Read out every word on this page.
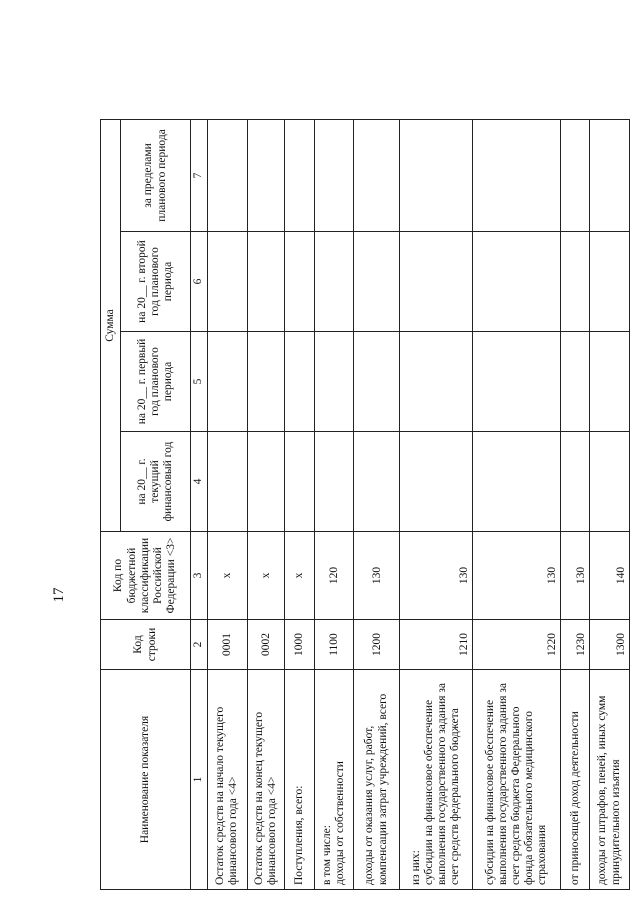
17
Наименование показателя	Код строки	Код по бюджетной классификации Российской Федерации <3>	Сумма			
			на 20__ г. текущий финансовый год	на 20__ г. первый год планового периода	на 20__ г. второй год планового периода	за пределами планового периода
1	2	3	4	5	6	7
Остаток средств на начало текущего финансового года <4>	0001	x				
Остаток средств на конец текущего финансового года <4>	0002	x				
Поступления, всего:	1000	x				
в том числе:
доходы от собственности	1100	120				
доходы от оказания услуг, работ, компенсации затрат учреждений, всего	1200	130				
из них:
субсидии на финансовое обеспечение выполнения государственного задания за счет средств федерального бюджета	1210	130				
субсидии на финансовое обеспечение выполнения государственного задания за счет средств бюджета Федерального фонда обязательного медицинского страхования	1220	130				
от приносящей доход деятельности	1230	130				
доходы от штрафов, пеней, иных сумм принудительного изъятия	1300	140				
